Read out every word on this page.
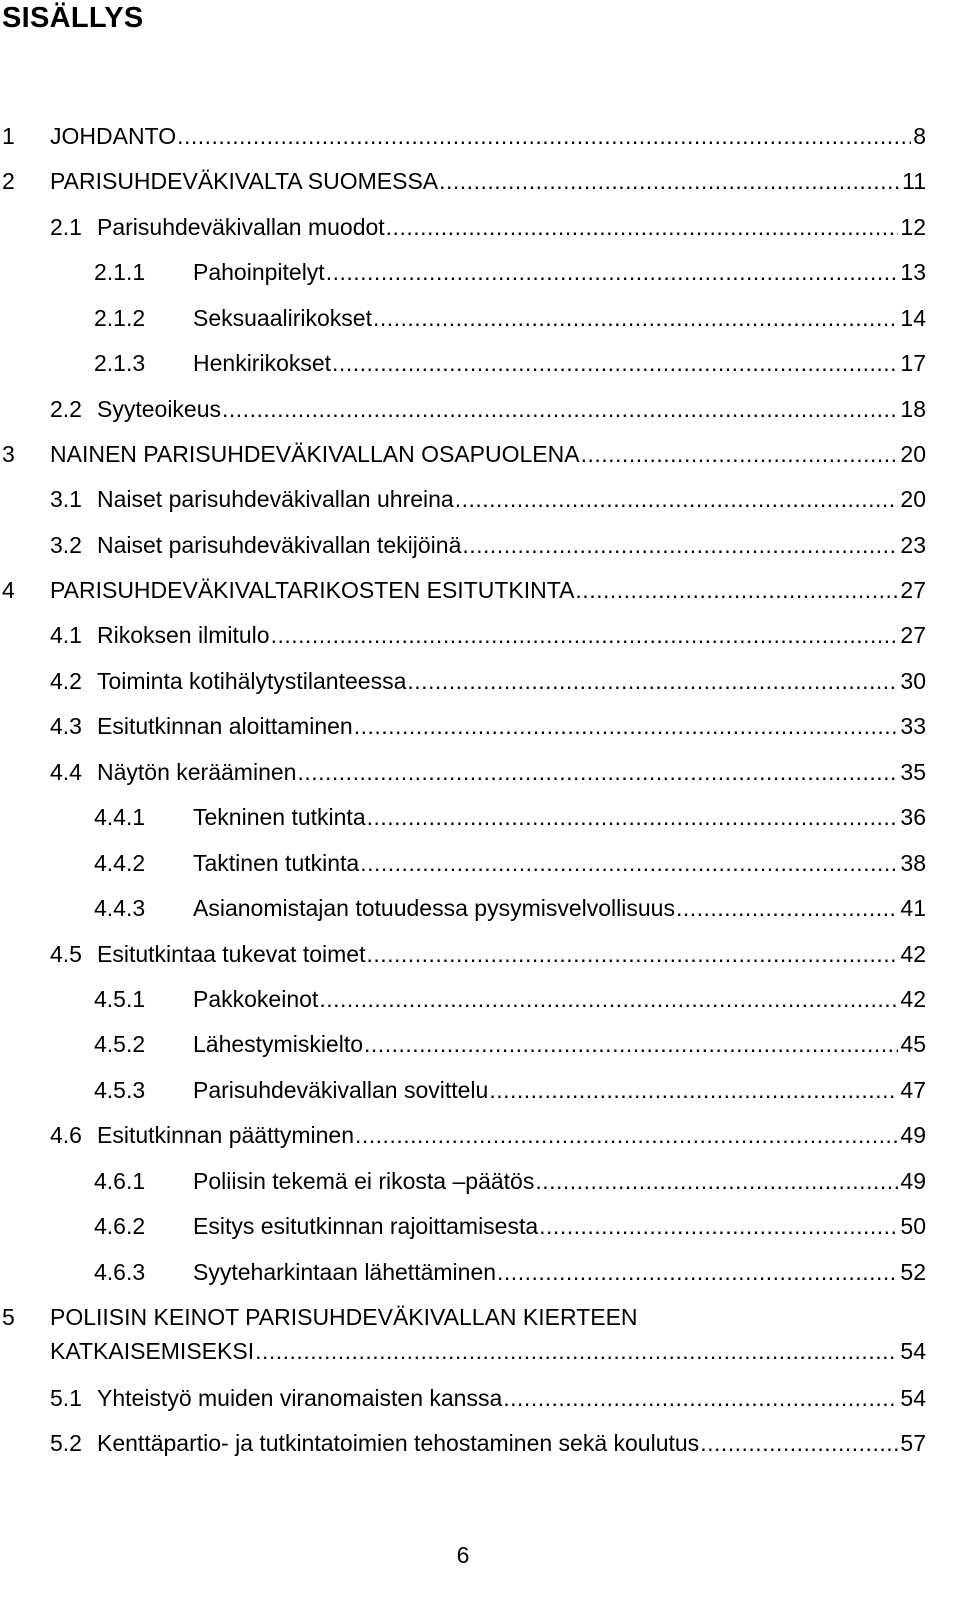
SISÄLLYS
1 JOHDANTO .....	8
2 PARISUHDEVÄKIVALTA SUOMESSA .....	11
2.1 Parisuhdeväkivallan muodot .....	12
2.1.1 Pahoinpitelyt .....	13
2.1.2 Seksuaalirikokset .....	14
2.1.3 Henkirikokset .....	17
2.2 Syyteoikeus .....	18
3 NAINEN PARISUHDEVÄKIVALLAN OSAPUOLENA .....	20
3.1 Naiset parisuhdeväkivallan uhreina .....	20
3.2 Naiset parisuhdeväkivallan tekijöinä .....	23
4 PARISUHDEVÄKIVALTARIKOSTEN ESITUTKINTA .....	27
4.1 Rikoksen ilmitulo .....	27
4.2 Toiminta kotihälytystilanteessa .....	30
4.3 Esitutkinnan aloittaminen .....	33
4.4 Näytön kerääminen .....	35
4.4.1 Tekninen tutkinta .....	36
4.4.2 Taktinen tutkinta .....	38
4.4.3 Asianomistajan totuudessa pysymisvelvollisuus .....	41
4.5 Esitutkintaa tukevat toimet .....	42
4.5.1 Pakkokeinot .....	42
4.5.2 Lähestymiskielto .....	45
4.5.3 Parisuhdeväkivallan sovittelu .....	47
4.6 Esitutkinnan päättyminen .....	49
4.6.1 Poliisin tekemä ei rikosta –päätös .....	49
4.6.2 Esitys esitutkinnan rajoittamisesta .....	50
4.6.3 Syyteharkintaan lähettäminen .....	52
5 POLIISIN KEINOT PARISUHDEVÄKIVALLAN KIERTEEN
KATKAISEMISEKSI .....	54
5.1 Yhteistyö muiden viranomaisten kanssa .....	54
5.2 Kenttäpartio- ja tutkintatoimien tehostaminen sekä koulutus .....	57
6
